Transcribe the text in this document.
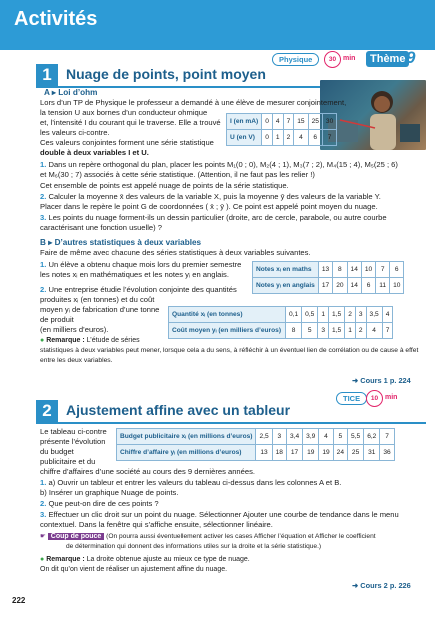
Activités
Physique	30 min	Thème 9
1	Nuage de points, point moyen
A ▸ Loi d’ohm
Lors d’un TP de Physique le professeur a demandé à une élève de mesurer conjointement,
la tension U aux bornes d’un conducteur ohmique
et, l’intensité I du courant qui le traverse. Elle a trouvé
les valeurs ci-contre.
Ces valeurs conjointes forment une série statistique
double à deux variables I et U.
I (en mA)	0	4	7	15	25	30
U (en V)	0	1	2	4	6	7
1. Dans un repère orthogonal du plan, placer les points M₁(0 ; 0), M₂(4 ; 1), M₃(7 ; 2), M₄(15 ; 4), M₅(25 ; 6)
et M₆(30 ; 7) associés à cette série statistique. (Attention, il ne faut pas les relier !)
Cet ensemble de points est appelé nuage de points de la série statistique.
2. Calculer la moyenne x̄ des valeurs de la variable X, puis la moyenne ȳ des valeurs de la variable Y.
Placer dans le repère le point G de coordonnées ( x̄ ; ȳ ). Ce point est appelé point moyen du nuage.
3. Les points du nuage forment-ils un dessin particulier (droite, arc de cercle, parabole, ou autre courbe
caractérisant une fonction usuelle) ?
B ▸ D’autres statistiques à deux variables
Faire de même avec chacune des séries statistiques à deux variables suivantes.
1. Un élève a obtenu chaque mois lors du premier semestre
les notes xᵢ en mathématiques et les notes yᵢ en anglais.
Notes xᵢ en maths	13	8	14	10	7	6
Notes yᵢ en anglais	17	20	14	6	11	10
2. Une entreprise étudie l’évolution conjointe des quantités
produites xᵢ (en tonnes) et du coût
moyen yᵢ de fabrication d’une tonne
de produit
(en milliers d’euros).
Quantité xᵢ (en tonnes)	0,1	0,5	1	1,5	2	3	3,5	4
Coût moyen yᵢ (en milliers d’euros)	8	5	3	1,5	1	2	4	7
● Remarque : L’étude de séries
statistiques à deux variables peut mener, lorsque cela a du sens, à réfléchir à un éventuel lien de corrélation ou de cause à effet
entre les deux variables.
➜ Cours 1 p. 224
TICE	10 min
2	Ajustement affine avec un tableur
Le tableau ci-contre
présente l’évolution
du budget
publicitaire et du
chiffre d’affaires d’une société au cours des 9 dernières années.
Budget publicitaire xᵢ (en millions d’euros)	2,5	3	3,4	3,9	4	5	5,5	6,2	7
Chiffre d’affaire yᵢ (en millions d’euros)	13	18	17	19	19	24	25	31	36
1. a) Ouvrir un tableur et entrer les valeurs du tableau ci-dessus dans les colonnes A et B.
b) Insérer un graphique Nuage de points.
2. Que peut-on dire de ces points ?
3. Effectuer un clic droit sur un point du nuage. Sélectionner Ajouter une courbe de tendance dans le menu
contextuel. Dans la fenêtre qui s’affiche ensuite, sélectionner linéaire.
☛ Coup de pouce (On pourra aussi éventuellement activer les cases Afficher l’équation et Afficher le coefficient
de détermination qui donnent des informations utiles sur la droite et la série statistique.)
● Remarque : La droite obtenue ajuste au mieux ce type de nuage.
On dit qu’on vient de réaliser un ajustement affine du nuage.
➜ Cours 2 p. 226
222
